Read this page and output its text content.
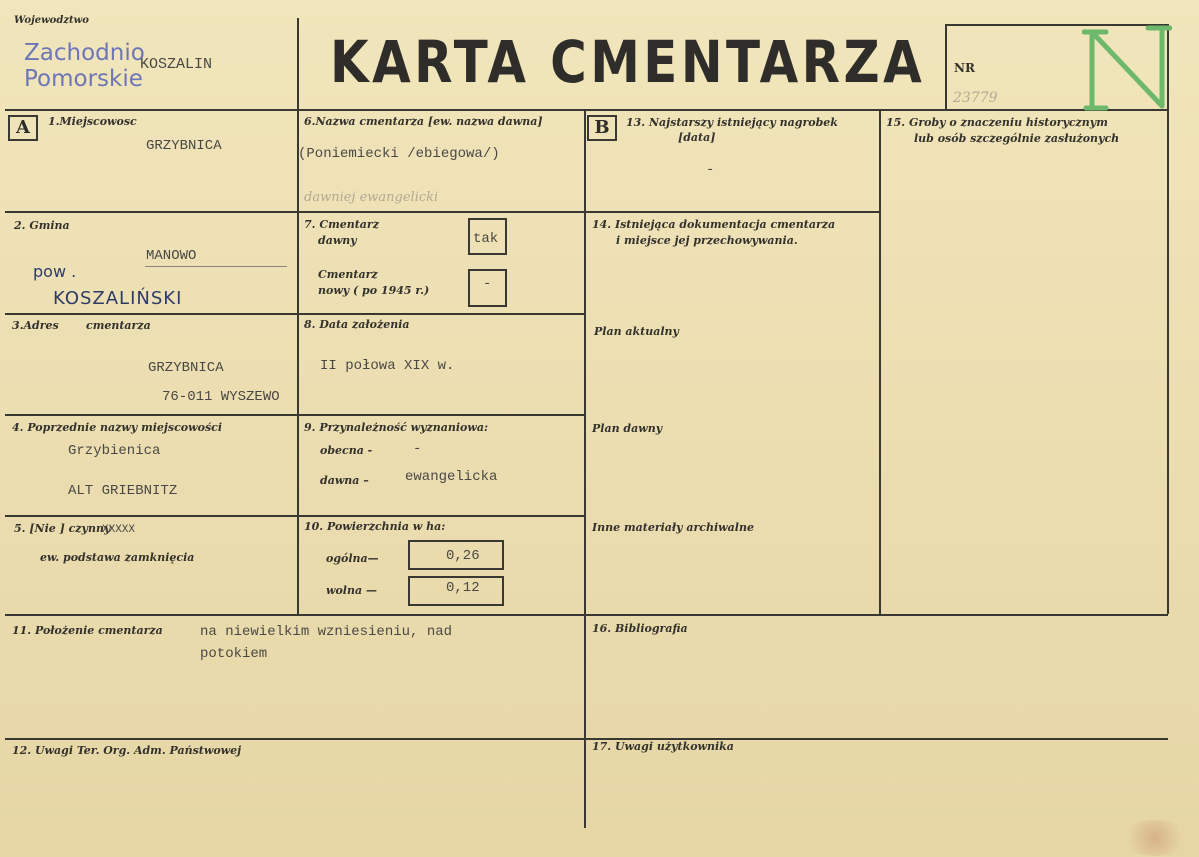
Wojewodztwo
Zachodnio
Pomorskie
KOSZALIN KARTA CMENTARZA NR
23779
A	B
1.Miejscowosc
GRZYBNICA
2. Gmina
MANOWO
pow .
KOSZALIŃSKI
3.Adres cmentarza
GRZYBNICA
76-011 WYSZEWO
4. Poprzednie nazwy miejscowości
Grzybienica
ALT GRIEBNITZ
5. [Nie ] czynny
XXXXX
ew. podstawa zamknięcia
6.Nazwa cmentarza [ew. nazwa dawna]
(Poniemiecki /ebiegowa/)
dawniej ewangelicki
7. Cmentarz
dawny	tak
Cmentarz
nowy ( po 1945 r.)	-
8. Data założenia
II połowa XIX w.
9. Przynależność wyznaniowa:
obecna -	-
dawna –	ewangelicka
10. Powierzchnia w ha:
ogólna—	0,26
wolna —	0,12
11. Położenie cmentarza	na niewielkim wzniesieniu, nad
potokiem
12. Uwagi Ter. Org. Adm. Państwowej
13. Najstarszy istniejący nagrobek
[data]
-
14. Istniejąca dokumentacja cmentarza
i miejsce jej przechowywania.
Plan aktualny
Plan dawny
Inne materiały archiwalne
15. Groby o znaczeniu historycznym
lub osób szczególnie zasłużonych
16. Bibliografia
17. Uwagi użytkownika
